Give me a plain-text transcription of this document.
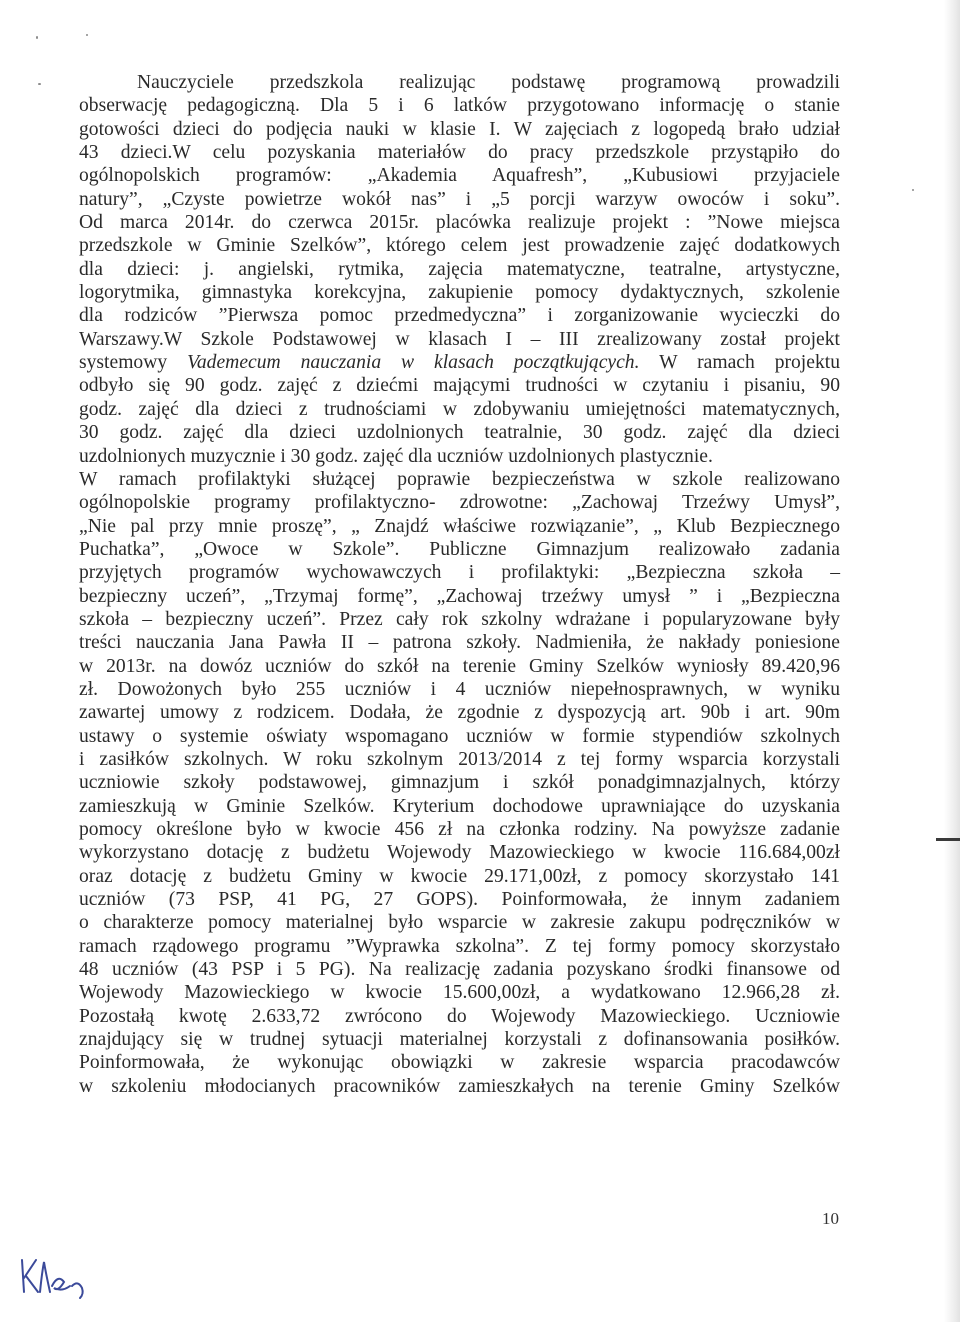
Nauczyciele przedszkola realizując podstawę programową prowadzili
obserwację pedagogiczną. Dla 5 i 6 latków przygotowano informację o stanie
gotowości dzieci do podjęcia nauki w klasie I. W zajęciach z logopedą brało udział
43 dzieci.W celu pozyskania materiałów do pracy przedszkole przystąpiło do
ogólnopolskich programów: „Akademia Aquafresh”, „Kubusiowi przyjaciele
natury”, „Czyste powietrze wokół nas” i „5 porcji warzyw owoców i soku”.
Od marca 2014r. do czerwca 2015r. placówka realizuje projekt : ”Nowe miejsca
przedszkole w Gminie Szelków”, którego celem jest prowadzenie zajęć dodatkowych
dla dzieci: j. angielski, rytmika, zajęcia matematyczne, teatralne, artystyczne,
logorytmika, gimnastyka korekcyjna, zakupienie pomocy dydaktycznych, szkolenie
dla rodziców ”Pierwsza pomoc przedmedyczna” i zorganizowanie wycieczki do
Warszawy.W Szkole Podstawowej w klasach I – III zrealizowany został projekt
systemowy Vademecum nauczania w klasach początkujących. W ramach projektu
odbyło się 90 godz. zajęć z dziećmi mającymi trudności w czytaniu i pisaniu, 90
godz. zajęć dla dzieci z trudnościami w zdobywaniu umiejętności matematycznych,
30 godz. zajęć dla dzieci uzdolnionych teatralnie, 30 godz. zajęć dla dzieci
uzdolnionych muzycznie i 30 godz. zajęć dla uczniów uzdolnionych plastycznie.
W ramach profilaktyki służącej poprawie bezpieczeństwa w szkole realizowano
ogólnopolskie programy profilaktyczno- zdrowotne: „Zachowaj Trzeźwy Umysł”,
„Nie pal przy mnie proszę”, „ Znajdź właściwe rozwiązanie”, „ Klub Bezpiecznego
Puchatka”, „Owoce w Szkole”. Publiczne Gimnazjum realizowało zadania
przyjętych programów wychowawczych i profilaktyki: „Bezpieczna szkoła –
bezpieczny uczeń”, „Trzymaj formę”, „Zachowaj trzeźwy umysł ” i „Bezpieczna
szkoła – bezpieczny uczeń”. Przez cały rok szkolny wdrażane i popularyzowane były
treści nauczania Jana Pawła II – patrona szkoły. Nadmieniła, że nakłady poniesione
w 2013r. na dowóz uczniów do szkół na terenie Gminy Szelków wyniosły 89.420,96
zł. Dowożonych było 255 uczniów i 4 uczniów niepełnosprawnych, w wyniku
zawartej umowy z rodzicem. Dodała, że zgodnie z dyspozycją art. 90b i art. 90m
ustawy o systemie oświaty wspomagano uczniów w formie stypendiów szkolnych
i zasiłków szkolnych. W roku szkolnym 2013/2014 z tej formy wsparcia korzystali
uczniowie szkoły podstawowej, gimnazjum i szkół ponadgimnazjalnych, którzy
zamieszkują w Gminie Szelków. Kryterium dochodowe uprawniające do uzyskania
pomocy określone było w kwocie 456 zł na członka rodziny. Na powyższe zadanie
wykorzystano dotację z budżetu Wojewody Mazowieckiego w kwocie 116.684,00zł
oraz dotację z budżetu Gminy w kwocie 29.171,00zł, z pomocy skorzystało 141
uczniów (73 PSP, 41 PG, 27 GOPS). Poinformowała, że innym zadaniem
o charakterze pomocy materialnej było wsparcie w zakresie zakupu podręczników w
ramach rządowego programu ”Wyprawka szkolna”. Z tej formy pomocy skorzystało
48 uczniów (43 PSP i 5 PG). Na realizację zadania pozyskano środki finansowe od
Wojewody Mazowieckiego w kwocie 15.600,00zł, a wydatkowano 12.966,28 zł.
Pozostałą kwotę 2.633,72 zwrócono do Wojewody Mazowieckiego. Uczniowie
znajdujący się w trudnej sytuacji materialnej korzystali z dofinansowania posiłków.
Poinformowała, że wykonując obowiązki w zakresie wsparcia pracodawców
w szkoleniu młodocianych pracowników zamieszkałych na terenie Gminy Szelków
10
